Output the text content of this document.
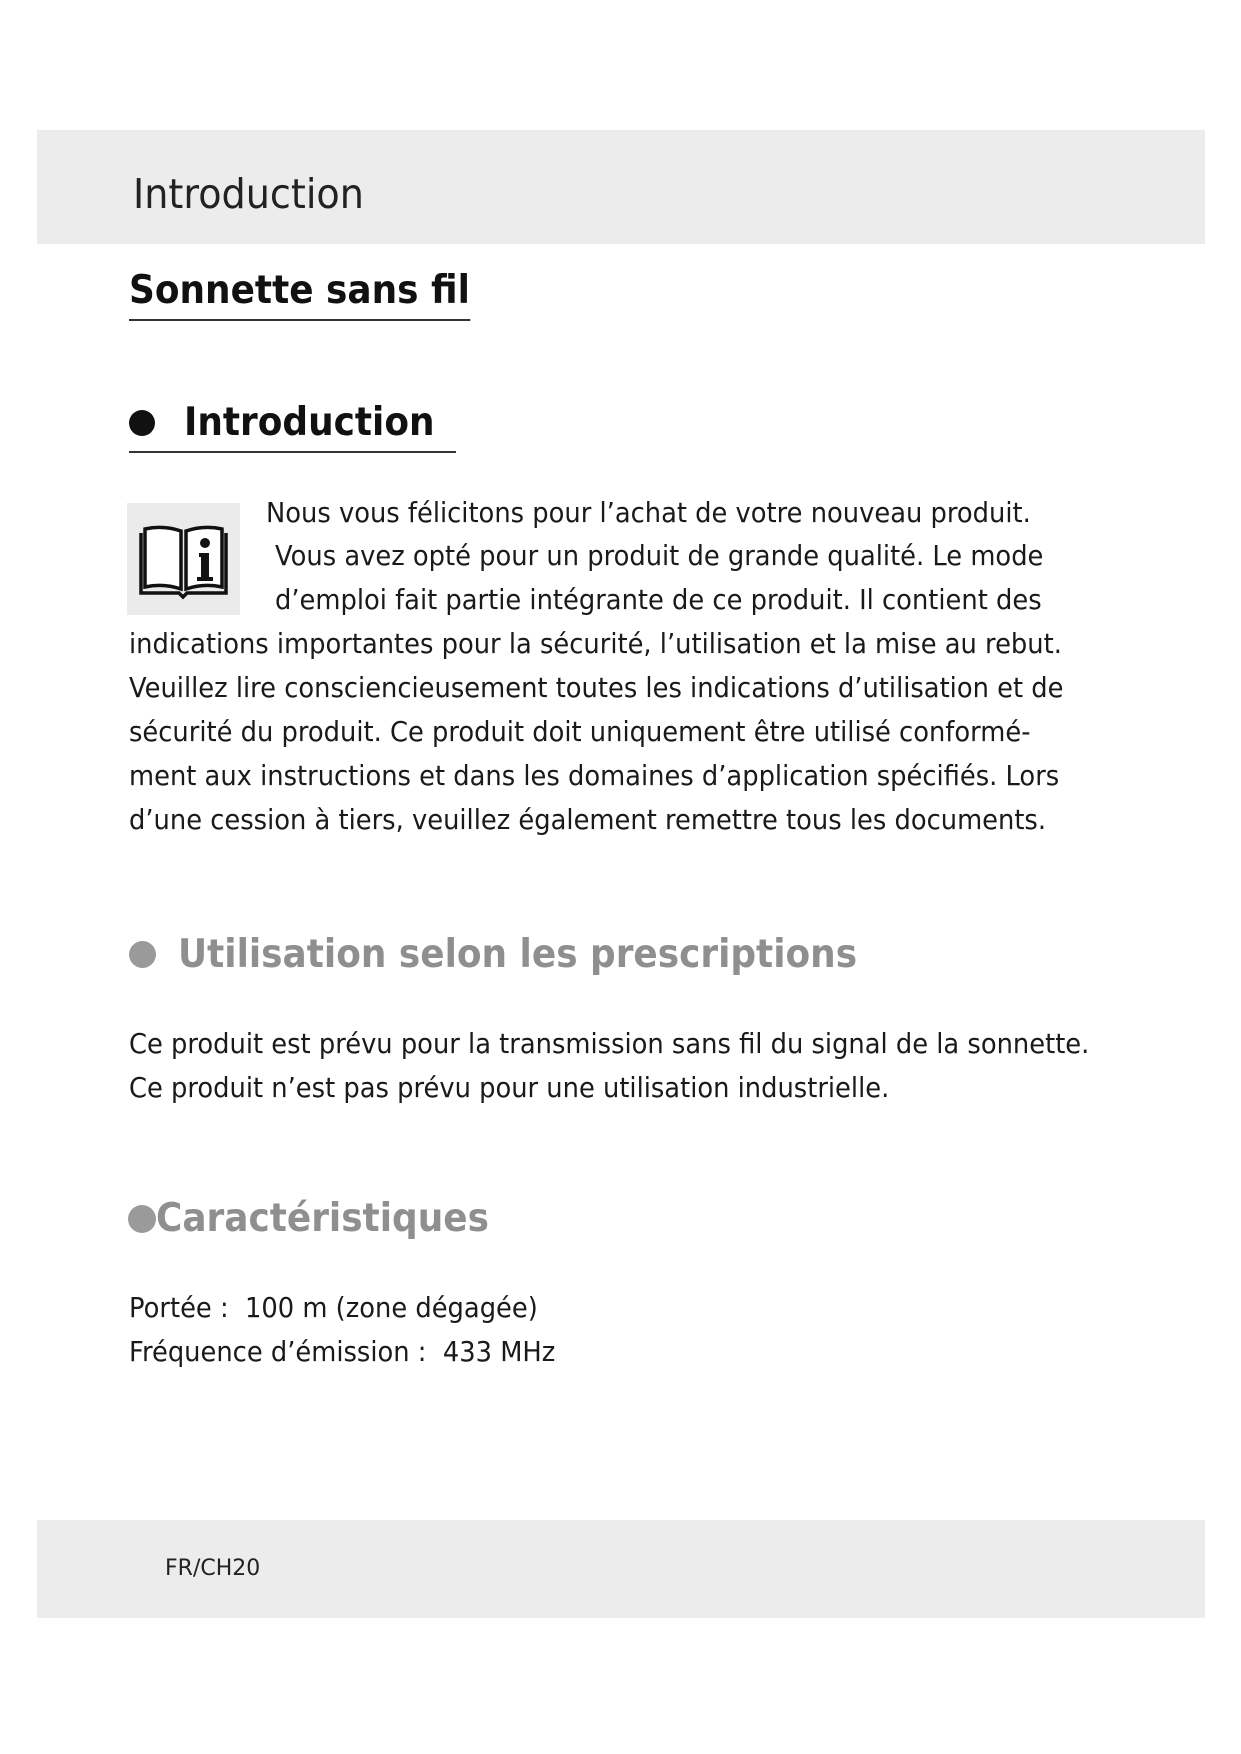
Introduction
Sonnette sans fil
Introduction
Nous vous félicitons pour l’achat de votre nouveau produit.
Vous avez opté pour un produit de grande qualité. Le mode
d’emploi fait partie intégrante de ce produit. Il contient des
indications importantes pour la sécurité, l’utilisation et la mise au rebut.
Veuillez lire consciencieusement toutes les indications d’utilisation et de
sécurité du produit. Ce produit doit uniquement être utilisé conformé-
ment aux instructions et dans les domaines d’application spécifiés. Lors
d’une cession à tiers, veuillez également remettre tous les documents.
Utilisation selon les prescriptions
Ce produit est prévu pour la transmission sans fil du signal de la sonnette.
Ce produit n’est pas prévu pour une utilisation industrielle.
Caractéristiques
Portée : 100 m (zone dégagée)
Fréquence d’émission : 433 MHz
FR/CH20
